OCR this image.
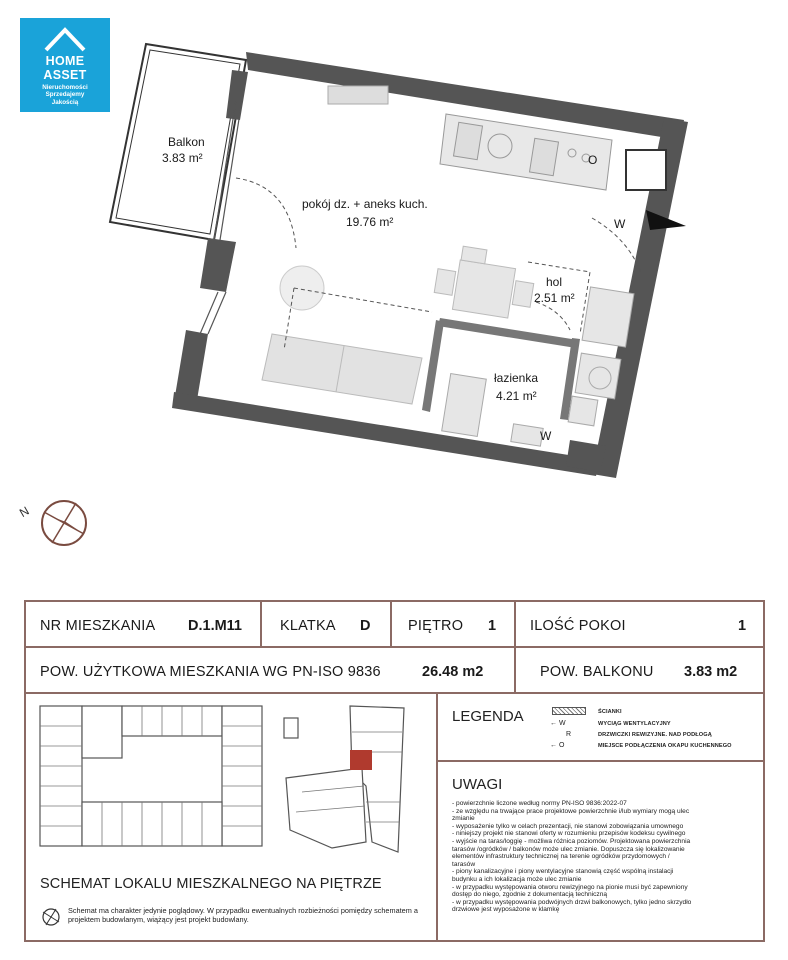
HOME
ASSET
Nieruchomości
Sprzedajemy
Jakością
Balkon
3.83 m²
pokój dz. + aneks kuch.
19.76 m²
hol
2.51 m²
łazienka
4.21 m²
W
W
O
N
NR MIESZKANIA D.1.M11	KLATKA D	PIĘTRO 1 ILOŚĆ POKOI	1
POW. UŻYTKOWA MIESZKANIA WG PN-ISO 9836	26.48 m2	POW. BALKONU 3.83 m2
SCHEMAT LOKALU MIESZKALNEGO NA PIĘTRZE
Schemat ma charakter jedynie poglądowy. W przypadku ewentualnych rozbieżności pomiędzy schematem a projektem budowlanym, wiążący jest projekt budowlany.
LEGENDA	← W
R
← O
ŚCIANKI
WYCIĄG WENTYLACYJNY
DRZWICZKI REWIZYJNE. NAD PODŁOGĄ
MIEJSCE PODŁĄCZENIA OKAPU KUCHENNEGO
UWAGI
- powierzchnie liczone według normy PN-ISO 9836:2022-07
- ze względu na trwające prace projektowe powierzchnie i/lub wymiary mogą ulec
zmianie
- wyposażenie tylko w celach prezentacji, nie stanowi zobowiązania umownego
- niniejszy projekt nie stanowi oferty w rozumieniu przepisów kodeksu cywilnego
- wyjście na taras/loggię - możliwa różnica poziomów. Projektowana powierzchnia
tarasów /ogródków / balkonów może ulec zmianie. Dopuszcza się lokalizowanie
elementów infrastruktury technicznej na terenie ogródków przydomowych /
tarasów
- piony kanalizacyjne i piony wentylacyjne stanowią część wspólną instalacji
budynku a ich lokalizacja może ulec zmianie
- w przypadku występowania otworu rewizyjnego na pionie musi być zapewniony
dostęp do niego, zgodnie z dokumentacją techniczną
- w przypadku występowania podwójnych drzwi balkonowych, tylko jedno skrzydło
drzwiowe jest wyposażone w klamkę
